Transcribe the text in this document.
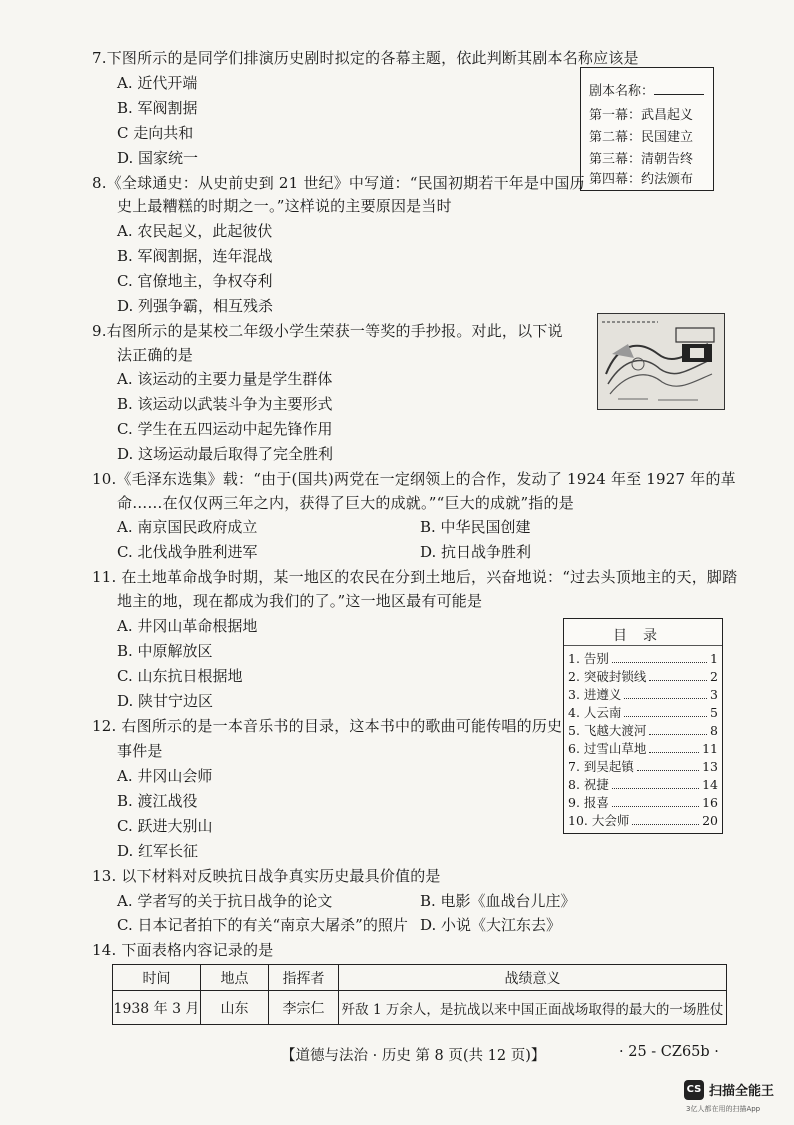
7.下图所示的是同学们排演历史剧时拟定的各幕主题，依此判断其剧本名称应该是
A. 近代开端
B. 军阀割据
C 走向共和
D. 国家统一
剧本名称：
第一幕：武昌起义
第二幕：民国建立
第三幕：清朝告终
第四幕：约法颁布
8.《全球通史：从史前史到 21 世纪》中写道：“民国初期若干年是中国历
史上最糟糕的时期之一。”这样说的主要原因是当时
A. 农民起义，此起彼伏
B. 军阀割据，连年混战
C. 官僚地主，争权夺利
D. 列强争霸，相互残杀
9.右图所示的是某校二年级小学生荣获一等奖的手抄报。对此，以下说
法正确的是
A. 该运动的主要力量是学生群体
B. 该运动以武装斗争为主要形式
C. 学生在五四运动中起先锋作用
D. 这场运动最后取得了完全胜利
10.《毛泽东选集》载：“由于(国共)两党在一定纲领上的合作，发动了 1924 年至 1927 年的革
命……在仅仅两三年之内，获得了巨大的成就。”“巨大的成就”指的是
A. 南京国民政府成立	B. 中华民国创建
C. 北伐战争胜利进军	D. 抗日战争胜利
11. 在土地革命战争时期，某一地区的农民在分到土地后，兴奋地说：“过去头顶地主的天，脚踏
地主的地，现在都成为我们的了。”这一地区最有可能是
A. 井冈山革命根据地
B. 中原解放区
C. 山东抗日根据地
D. 陕甘宁边区
目录
1. 告别	1
2. 突破封锁线	2
3. 进遵义	3
4. 人云南	5
5. 飞越大渡河	8
6. 过雪山草地	11
7. 到吴起镇	13
8. 祝捷	14
9. 报喜	16
10. 大会师	20
12. 右图所示的是一本音乐书的目录，这本书中的歌曲可能传唱的历史
事件是
A. 井冈山会师
B. 渡江战役
C. 跃进大别山
D. 红军长征
13. 以下材料对反映抗日战争真实历史最具价值的是
A. 学者写的关于抗日战争的论文	B. 电影《血战台儿庄》
C. 日本记者拍下的有关“南京大屠杀”的照片 D. 小说《大江东去》
14. 下面表格内容记录的是
时间	地点	指挥者	战绩意义
1938 年 3 月	山东	李宗仁	歼敌 1 万余人，是抗战以来中国正面战场取得的最大的一场胜仗
【道德与法治 · 历史 第 8 页(共 12 页)】	· 25 - CZ65b ·
CS 扫描全能王
3亿人都在用的扫描App
